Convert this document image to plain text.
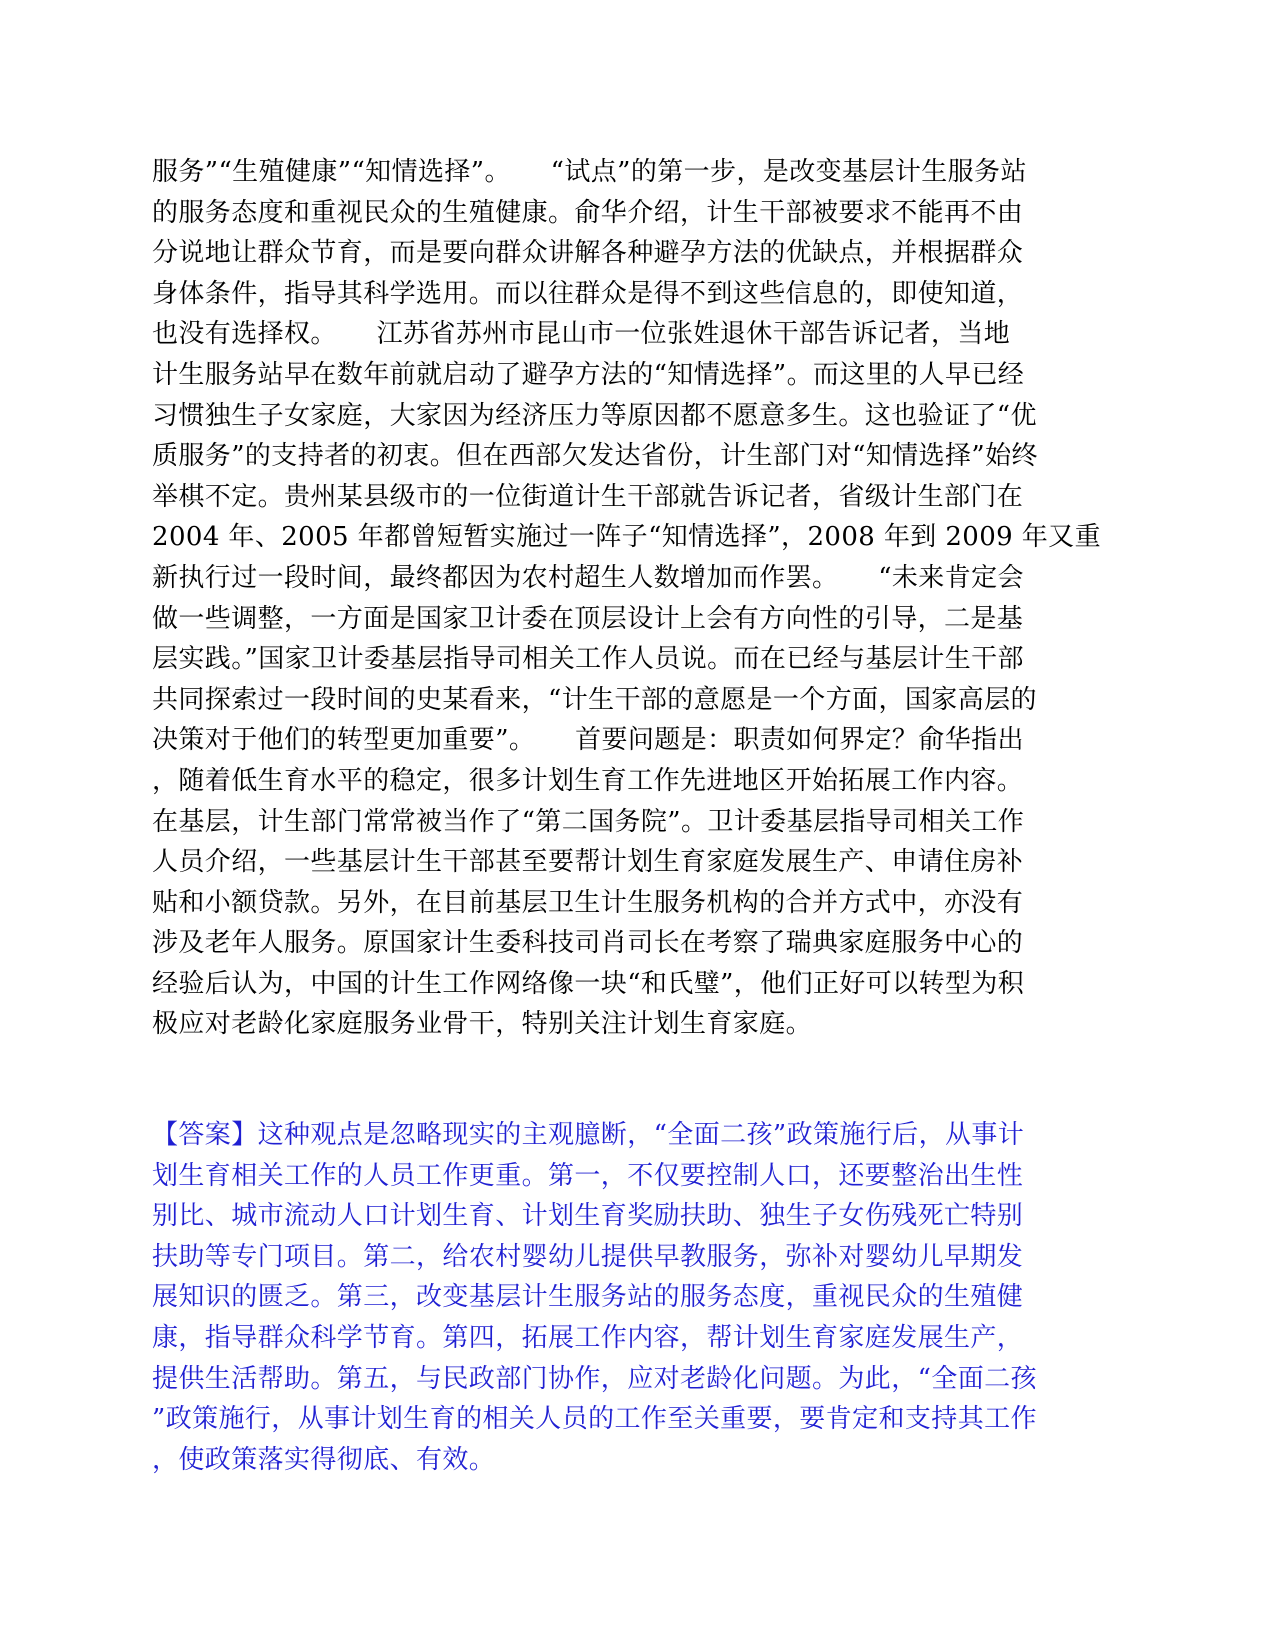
服务”“生殖健康”“知情选择”。　　“试点”的第一步，是改变基层计生服务站
的服务态度和重视民众的生殖健康。俞华介绍，计生干部被要求不能再不由
分说地让群众节育，而是要向群众讲解各种避孕方法的优缺点，并根据群众
身体条件，指导其科学选用。而以往群众是得不到这些信息的，即使知道，
也没有选择权。　　江苏省苏州市昆山市一位张姓退休干部告诉记者，当地
计生服务站早在数年前就启动了避孕方法的“知情选择”。而这里的人早已经
习惯独生子女家庭，大家因为经济压力等原因都不愿意多生。这也验证了“优
质服务”的支持者的初衷。但在西部欠发达省份，计生部门对“知情选择”始终
举棋不定。贵州某县级市的一位街道计生干部就告诉记者，省级计生部门在
2004 年、2005 年都曾短暂实施过一阵子“知情选择”，2008 年到 2009 年又重
新执行过一段时间，最终都因为农村超生人数增加而作罢。　　“未来肯定会
做一些调整，一方面是国家卫计委在顶层设计上会有方向性的引导，二是基
层实践。”国家卫计委基层指导司相关工作人员说。而在已经与基层计生干部
共同探索过一段时间的史某看来，“计生干部的意愿是一个方面，国家高层的
决策对于他们的转型更加重要”。　　首要问题是：职责如何界定？俞华指出
，随着低生育水平的稳定，很多计划生育工作先进地区开始拓展工作内容。
在基层，计生部门常常被当作了“第二国务院”。卫计委基层指导司相关工作
人员介绍，一些基层计生干部甚至要帮计划生育家庭发展生产、申请住房补
贴和小额贷款。另外，在目前基层卫生计生服务机构的合并方式中，亦没有
涉及老年人服务。原国家计生委科技司肖司长在考察了瑞典家庭服务中心的
经验后认为，中国的计生工作网络像一块“和氏璧”，他们正好可以转型为积
极应对老龄化家庭服务业骨干，特别关注计划生育家庭。
【答案】这种观点是忽略现实的主观臆断，“全面二孩”政策施行后，从事计
划生育相关工作的人员工作更重。第一，不仅要控制人口，还要整治出生性
别比、城市流动人口计划生育、计划生育奖励扶助、独生子女伤残死亡特别
扶助等专门项目。第二，给农村婴幼儿提供早教服务，弥补对婴幼儿早期发
展知识的匮乏。第三，改变基层计生服务站的服务态度，重视民众的生殖健
康，指导群众科学节育。第四，拓展工作内容，帮计划生育家庭发展生产，
提供生活帮助。第五，与民政部门协作，应对老龄化问题。为此，“全面二孩
”政策施行，从事计划生育的相关人员的工作至关重要，要肯定和支持其工作
，使政策落实得彻底、有效。
